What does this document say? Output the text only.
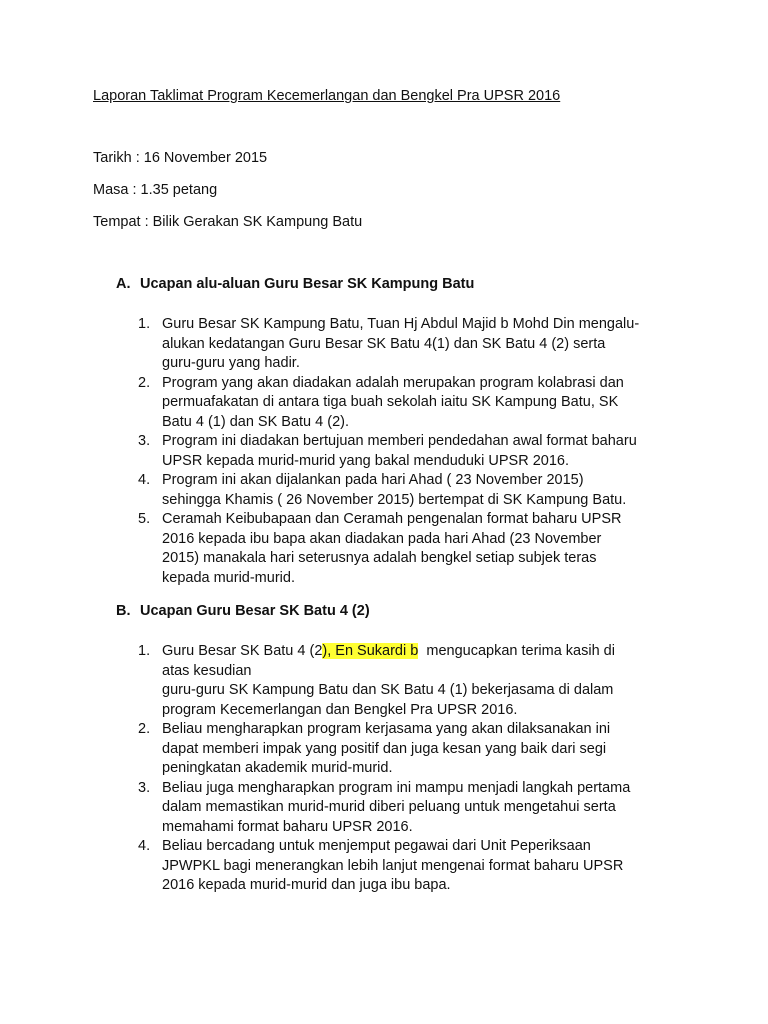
Laporan Taklimat Program Kecemerlangan dan Bengkel Pra UPSR 2016
Tarikh : 16 November 2015
Masa : 1.35 petang
Tempat : Bilik Gerakan SK Kampung Batu
A. Ucapan alu-aluan Guru Besar SK Kampung Batu
1. Guru Besar SK Kampung Batu, Tuan Hj Abdul Majid b Mohd Din mengalu-
alukan kedatangan Guru Besar SK Batu 4(1) dan SK Batu 4 (2) serta
guru-guru yang hadir.
2. Program yang akan diadakan adalah merupakan program kolabrasi dan
permuafakatan di antara tiga buah sekolah iaitu SK Kampung Batu, SK
Batu 4 (1) dan SK Batu 4 (2).
3. Program ini diadakan bertujuan memberi pendedahan awal format baharu
UPSR kepada murid-murid yang bakal menduduki UPSR 2016.
4. Program ini akan dijalankan pada hari Ahad ( 23 November 2015)
sehingga Khamis ( 26 November 2015) bertempat di SK Kampung Batu.
5. Ceramah Keibubapaan dan Ceramah pengenalan format baharu UPSR
2016 kepada ibu bapa akan diadakan pada hari Ahad (23 November
2015) manakala hari seterusnya adalah bengkel setiap subjek teras
kepada murid-murid.
B. Ucapan Guru Besar SK Batu 4 (2)
1. Guru Besar SK Batu 4 (2), En Sukardi b  mengucapkan terima kasih di
atas kesudian
guru-guru SK Kampung Batu dan SK Batu 4 (1) bekerjasama di dalam
program Kecemerlangan dan Bengkel Pra UPSR 2016.
2. Beliau mengharapkan program kerjasama yang akan dilaksanakan ini
dapat memberi impak yang positif dan juga kesan yang baik dari segi
peningkatan akademik murid-murid.
3. Beliau juga mengharapkan program ini mampu menjadi langkah pertama
dalam memastikan murid-murid diberi peluang untuk mengetahui serta
memahami format baharu UPSR 2016.
4. Beliau bercadang untuk menjemput pegawai dari Unit Peperiksaan
JPWPKL bagi menerangkan lebih lanjut mengenai format baharu UPSR
2016 kepada murid-murid dan juga ibu bapa.
